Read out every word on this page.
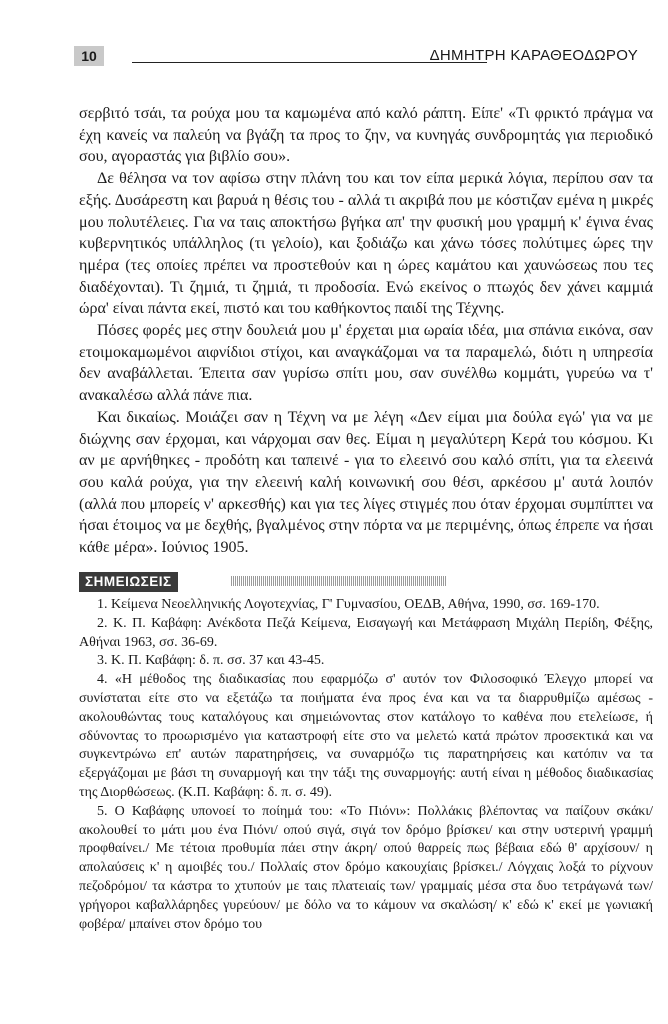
10	ΔΗΜΗΤΡΗ ΚΑΡΑΘΕΟΔΩΡΟΥ

σερβιτό τσάι, τα ρούχα μου τα καμωμένα από καλό ράπτη. Είπε' «Τι φρικτό πράγμα να έχη κανείς να παλεύη να βγάζη τα προς το ζην, να κυνηγάς συνδρομητάς για περιοδικό σου, αγοραστάς για βιβλίο σου».

Δε θέλησα να τον αφίσω στην πλάνη του και τον είπα μερικά λόγια, περίπου σαν τα εξής. Δυσάρεστη και βαρυά η θέσις του - αλλά τι ακριβά που με κόστιζαν εμένα η μικρές μου πολυτέλειες. Για να ταις αποκτήσω βγήκα απ' την φυσική μου γραμμή κ' έγινα ένας κυβερνητικός υπάλληλος (τι γελοίο), και ξοδιάζω και χάνω τόσες πολύτιμες ώρες την ημέρα (τες οποίες πρέπει να προστεθούν και η ώρες καμάτου και χαυνώσεως που τες διαδέχονται). Τι ζημιά, τι ζημιά, τι προδοσία. Ενώ εκείνος ο πτωχός δεν χάνει καμμιά ώρα' είναι πάντα εκεί, πιστό και του καθήκοντος παιδί της Τέχνης.

Πόσες φορές μες στην δουλειά μου μ' έρχεται μια ωραία ιδέα, μια σπάνια εικόνα, σαν ετοιμοκαμωμένοι αιφνίδιοι στίχοι, και αναγκάζομαι να τα παραμελώ, διότι η υπηρεσία δεν αναβάλλεται. Έπειτα σαν γυρίσω σπίτι μου, σαν συνέλθω κομμάτι, γυρεύω να τ' ανακαλέσω αλλά πάνε πια.

Και δικαίως. Μοιάζει σαν η Τέχνη να με λέγη «Δεν είμαι μια δούλα εγώ' για να με διώχνης σαν έρχομαι, και νάρχομαι σαν θες. Είμαι η μεγαλύτερη Κερά του κόσμου. Κι αν με αρνήθηκες - προδότη και ταπεινέ - για το ελεεινό σου καλό σπίτι, για τα ελεεινά σου καλά ρούχα, για την ελεεινή καλή κοινωνική σου θέσι, αρκέσου μ' αυτά λοιπόν (αλλά που μπορείς ν' αρκεσθής) και για τες λίγες στιγμές που όταν έρχομαι συμπίπτει να ήσαι έτοιμος να με δεχθής, βγαλμένος στην πόρτα να με περιμένης, όπως έπρεπε να ήσαι κάθε μέρα». Ιούνιος 1905.

ΣΗΜΕΙΩΣΕΙΣ

1. Κείμενα Νεοελληνικής Λογοτεχνίας, Γ' Γυμνασίου, ΟΕΔΒ, Αθήνα, 1990, σσ. 169-170.

2. Κ. Π. Καβάφη: Ανέκδοτα Πεζά Κείμενα, Εισαγωγή και Μετάφραση Μιχάλη Περίδη, Φέξης, Αθήναι 1963, σσ. 36-69.

3. Κ. Π. Καβάφη: δ. π. σσ. 37 και 43-45.

4. «Η μέθοδος της διαδικασίας που εφαρμόζω σ' αυτόν τον Φιλοσοφικό Έλεγχο μπορεί να συνίσταται είτε στο να εξετάζω τα ποιήματα ένα προς ένα και να τα διαρρυθμίζω αμέσως - ακολουθώντας τους καταλόγους και σημειώνοντας στον κατάλογο το καθένα που ετελείωσε, ή σδύνοντας το προωρισμένο για καταστροφή είτε στο να μελετώ κατά πρώτον προσεκτικά και να συγκεντρώνω επ' αυτών παρατηρήσεις, να συναρμόζω τις παρατηρήσεις και κατόπιν να τα εξεργάζομαι με βάσι τη συναρμογή και την τάξι της συναρμογής: αυτή είναι η μέθοδος διαδικασίας της Διορθώσεως. (Κ.Π. Καβάφη: δ. π. σ. 49).

5. Ο Καβάφης υπονοεί το ποίημά του: «Το Πιόνι»: Πολλάκις βλέποντας να παίζουν σκάκι/ ακολουθεί το μάτι μου ένα Πιόνι/ οπού σιγά, σιγά τον δρόμο βρίσκει/ και στην υστερινή γραμμή προφθαίνει./ Με τέτοια προθυμία πάει στην άκρη/ οπού θαρρείς πως βέβαια εδώ θ' αρχίσουν/ η απολαύσεις κ' η αμοιβές του./ Πολλαίς στον δρόμο κακουχίαις βρίσκει./ Λόγχαις λοξά το ρίχνουν πεζοδρόμοι/ τα κάστρα το χτυπούν με ταις πλατειαίς των/ γραμμαίς μέσα στα δυο τετράγωνά των/ γρήγοροι καβαλλάρηδες γυρεύουν/ με δόλο να το κάμουν να σκαλώση/ κ' εδώ κ' εκεί με γωνιακή φοβέρα/ μπαίνει στον δρόμο του
